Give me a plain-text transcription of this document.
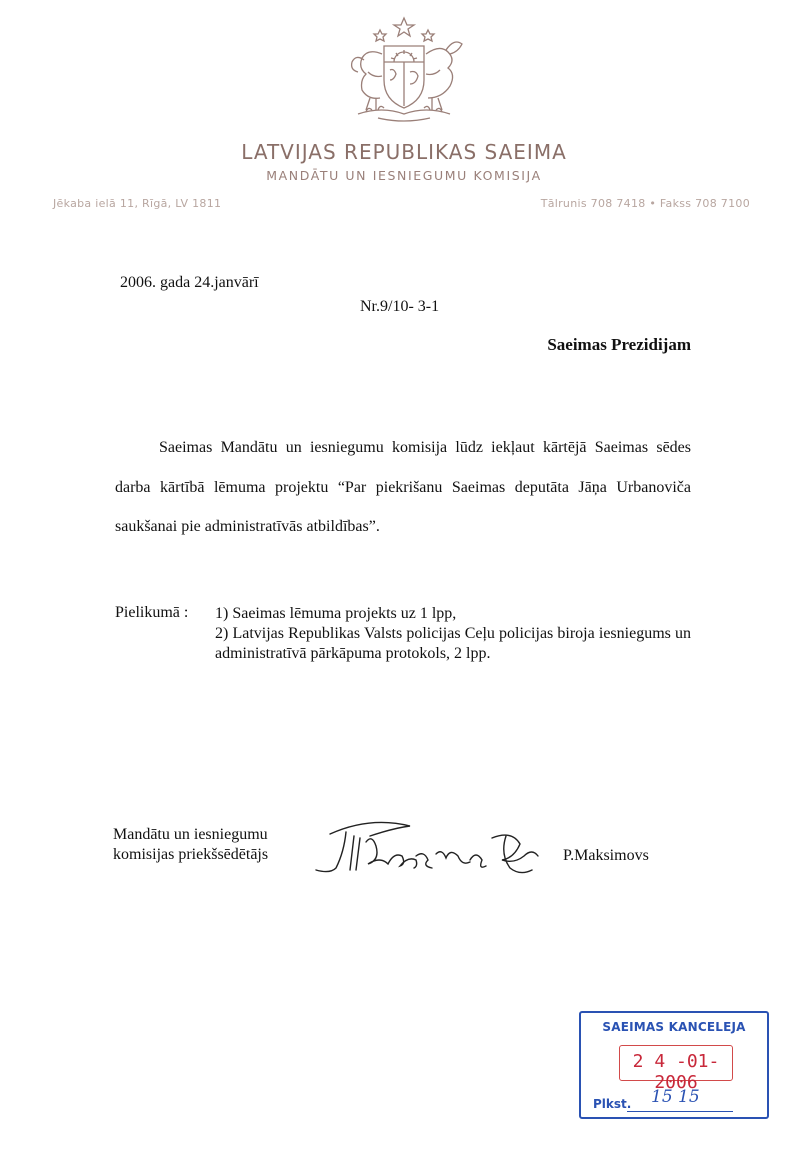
LATVIJAS REPUBLIKAS SAEIMA
MANDĀTU UN IESNIEGUMU KOMISIJA
Jēkaba ielā 11, Rīgā, LV 1811	Tālrunis 708 7418 • Fakss 708 7100
2006. gada 24.janvārī
Nr.9/10- 3-1
Saeimas Prezidijam
Saeimas Mandātu un iesniegumu komisija lūdz iekļaut kārtējā Saeimas sēdes darba kārtībā lēmuma projektu “Par piekrišanu Saeimas deputāta Jāņa Urbanoviča saukšanai pie administratīvās atbildības”.
Pielikumā : 1) Saeimas lēmuma projekts uz 1 lpp,
2) Latvijas Republikas Valsts policijas Ceļu policijas biroja iesniegums un administratīvā pārkāpuma protokols, 2 lpp.
Mandātu un iesniegumu
komisijas priekšsēdētājs	P.Maksimovs
SAEIMAS KANCELEJA
2 4 -01- 2006
Plkst. 15 15
